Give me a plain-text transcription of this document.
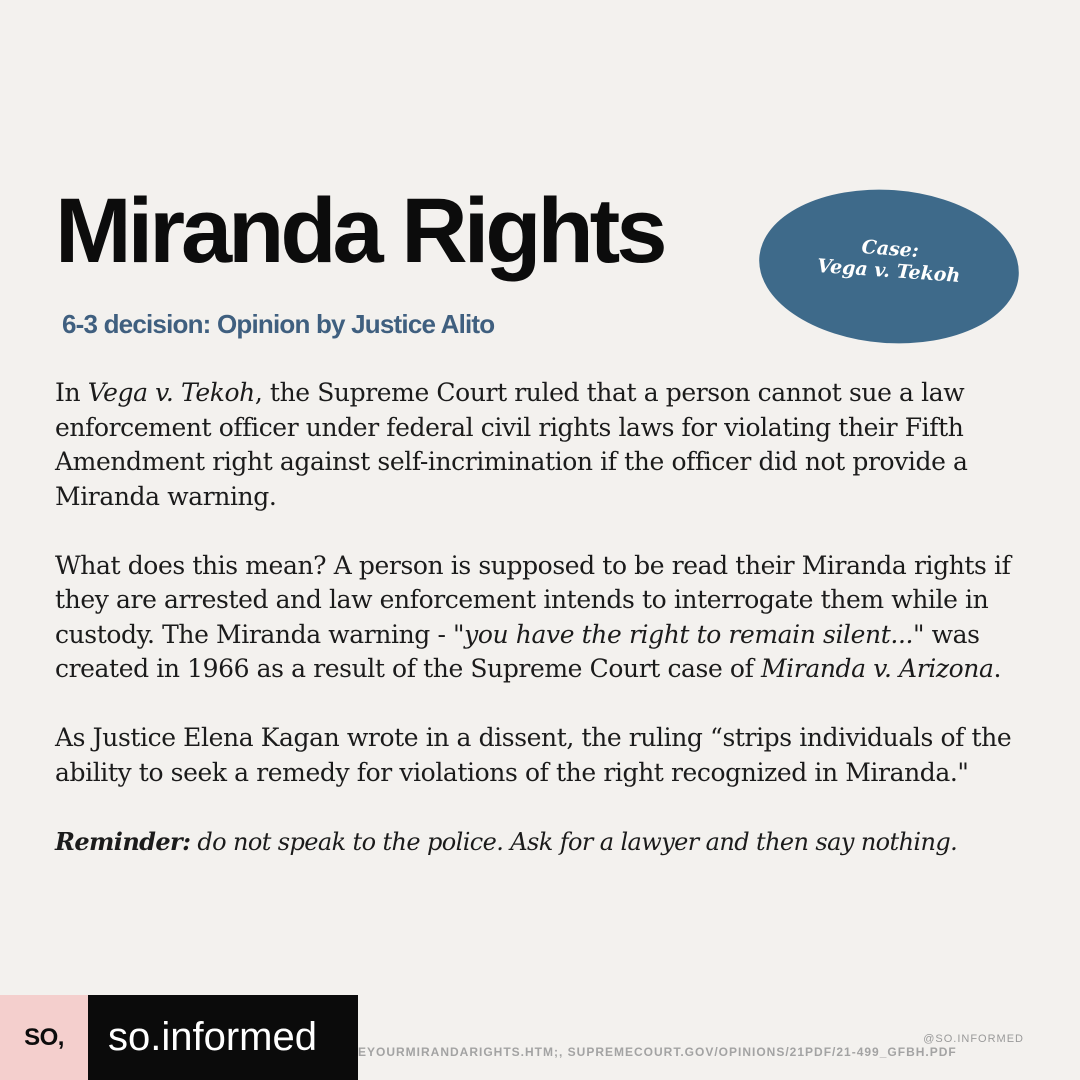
Miranda Rights
6-3 decision: Opinion by Justice Alito
Case:
Vega v. Tekoh

In Vega v. Tekoh, the Supreme Court ruled that a person cannot sue a law enforcement officer under federal civil rights laws for violating their Fifth Amendment right against self-incrimination if the officer did not provide a Miranda warning.

What does this mean? A person is supposed to be read their Miranda rights if they are arrested and law enforcement intends to interrogate them while in custody. The Miranda warning - "you have the right to remain silent..." was created in 1966 as a result of the Supreme Court case of Miranda v. Arizona.

As Justice Elena Kagan wrote in a dissent, the ruling “strips individuals of the ability to seek a remedy for violations of the right recognized in Miranda."

Reminder: do not speak to the police. Ask for a lawyer and then say nothing.

SO, so.informed	@SO.INFORMED
EYOURMIRANDARIGHTS.HTM;, SUPREMECOURT.GOV/OPINIONS/21PDF/21-499_GFBH.PDF
